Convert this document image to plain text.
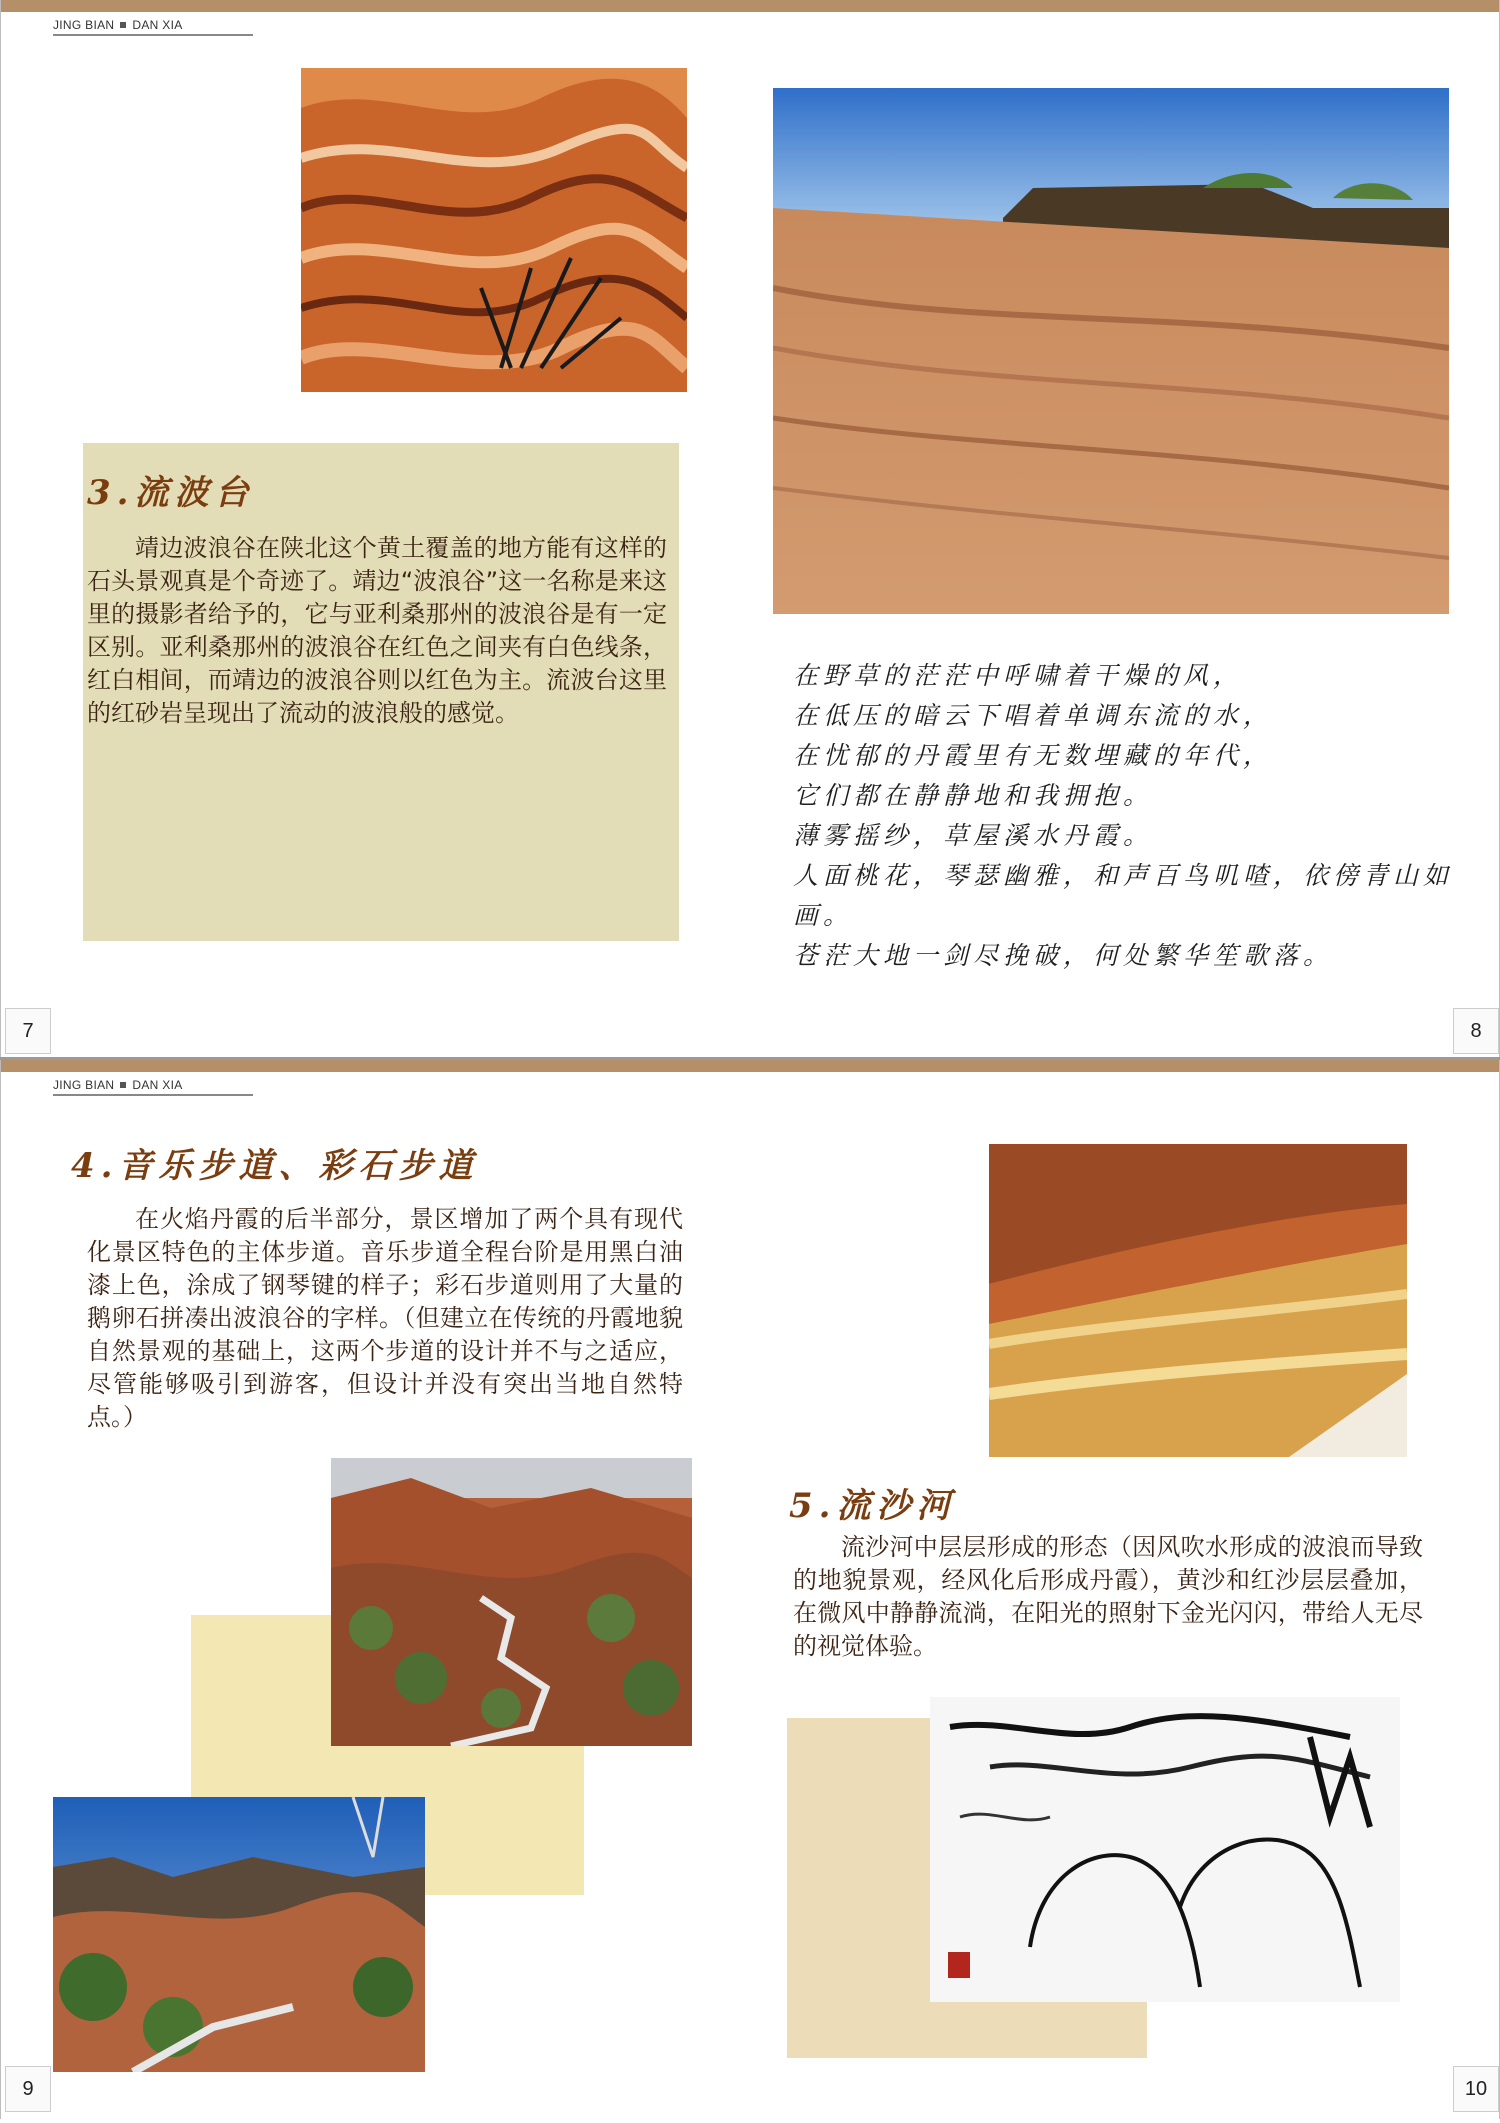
JING BIAN DAN XIA
3.流波台
靖边波浪谷在陕北这个黄土覆盖的地方能有这样的石头景观真是个奇迹了。靖边“波浪谷”这一名称是来这里的摄影者给予的，它与亚利桑那州的波浪谷是有一定区别。亚利桑那州的波浪谷在红色之间夹有白色线条，红白相间，而靖边的波浪谷则以红色为主。流波台这里的红砂岩呈现出了流动的波浪般的感觉。
在野草的茫茫中呼啸着干燥的风，
在低压的暗云下唱着单调东流的水，
在忧郁的丹霞里有无数埋藏的年代，
它们都在静静地和我拥抱。
薄雾摇纱，草屋溪水丹霞。
人面桃花，琴瑟幽雅，和声百鸟叽喳，依傍青山如画。
苍茫大地一剑尽挽破，何处繁华笙歌落。
7	8
JING BIAN DAN XIA
4.音乐步道、彩石步道
在火焰丹霞的后半部分，景区增加了两个具有现代化景区特色的主体步道。音乐步道全程台阶是用黑白油漆上色，涂成了钢琴键的样子；彩石步道则用了大量的鹅卵石拼凑出波浪谷的字样。（但建立在传统的丹霞地貌自然景观的基础上，这两个步道的设计并不与之适应，尽管能够吸引到游客，但设计并没有突出当地自然特点。）
5.流沙河
流沙河中层层形成的形态（因风吹水形成的波浪而导致的地貌景观，经风化后形成丹霞），黄沙和红沙层层叠加，在微风中静静流淌，在阳光的照射下金光闪闪，带给人无尽的视觉体验。
9	10
